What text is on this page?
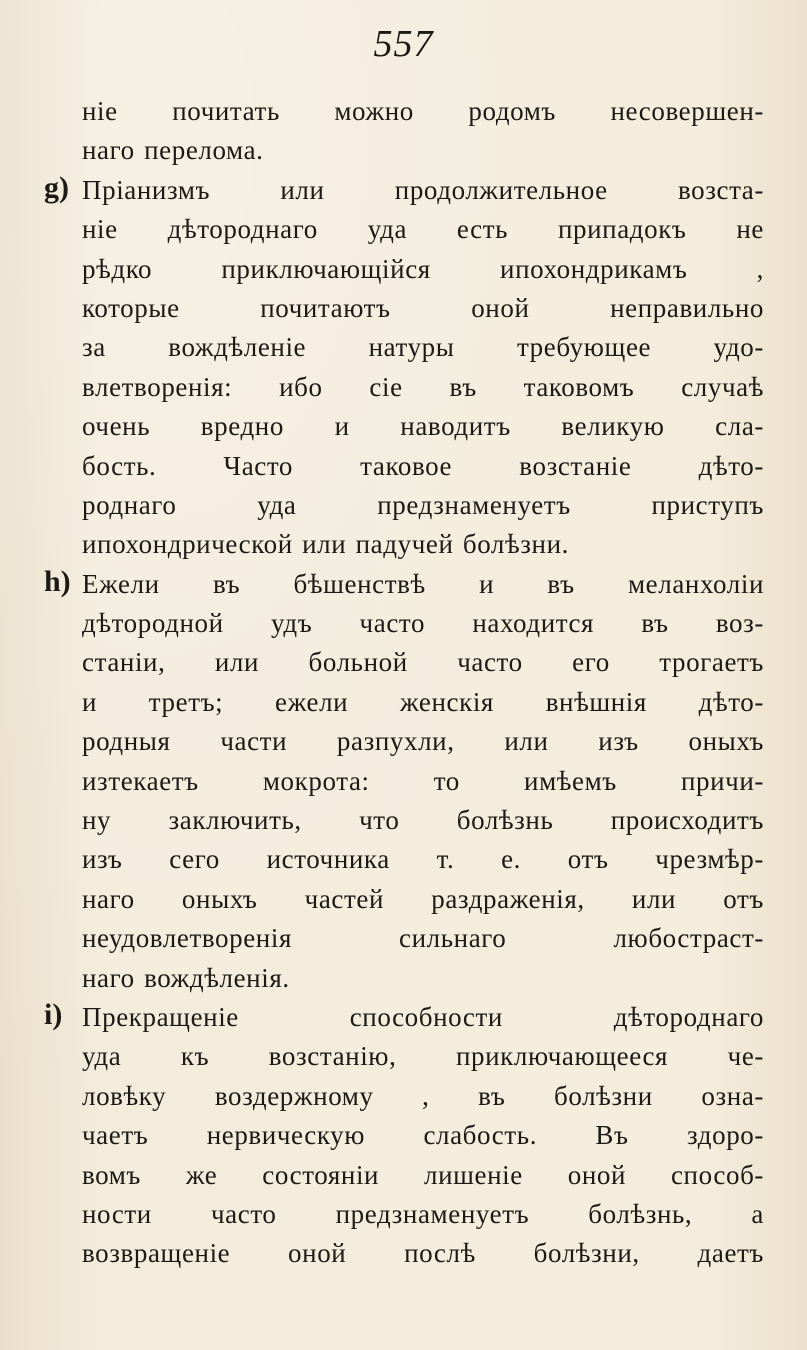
557
ніе почитать можно родомъ несовершен-
наго перелома.
g) Пріанизмъ или продолжительное возста-
ніе дѣтороднаго уда есть припадокъ не
рѣдко приключающійся ипохондрикамъ ,
которые почитаютъ оной неправильно
за вождѣленіе натуры требующее удо-
влетворенія: ибо сіе въ таковомъ случаѣ
очень вредно и наводитъ великую сла-
бость. Часто таковое возстаніе дѣто-
роднаго уда предзнаменуетъ приступъ
ипохондрической или падучей болѣзни.
h) Ежели въ бѣшенствѣ и въ меланхоліи
дѣтородной удъ часто находится въ воз-
станіи, или больной часто его трогаетъ
и третъ; ежели женскія внѣшнія дѣто-
родныя части разпухли, или изъ оныхъ
изтекаетъ мокрота: то имѣемъ причи-
ну заключить, что болѣзнь происходитъ
изъ сего источника т. е. отъ чрезмѣр-
наго оныхъ частей раздраженія, или отъ
неудовлетворенія сильнаго любостраст-
наго вождѣленія.
i) Прекращеніе способности дѣтороднаго
уда къ возстанію, приключающееся че-
ловѣку воздержному , въ болѣзни озна-
чаетъ нервическую слабость. Въ здоро-
вомъ же состояніи лишеніе оной способ-
ности часто предзнаменуетъ болѣзнь, а
возвращеніе оной послѣ болѣзни, даетъ
